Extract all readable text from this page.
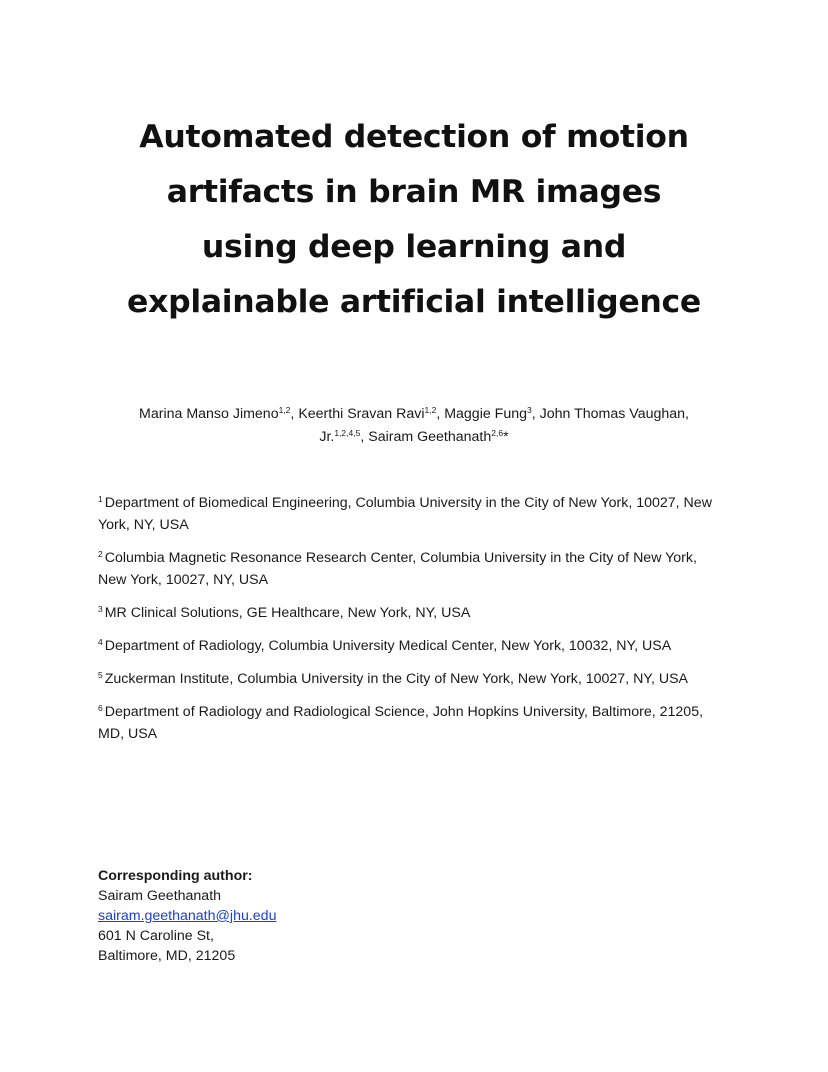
Automated detection of motion
artifacts in brain MR images
using deep learning and
explainable artificial intelligence
Marina Manso Jimeno$^{1,2}$, Keerthi Sravan Ravi$^{1,2}$, Maggie Fung$^3$, John Thomas Vaughan, Jr.$^{1,2,4,5}$, Sairam Geethanath$^{2,6}$*

$^1$ Department of Biomedical Engineering, Columbia University in the City of New York, 10027, New York, NY, USA

$^2$ Columbia Magnetic Resonance Research Center, Columbia University in the City of New York, New York, 10027, NY, USA

$^3$ MR Clinical Solutions, GE Healthcare, New York, NY, USA

$^4$ Department of Radiology, Columbia University Medical Center, New York, 10032, NY, USA

$^5$ Zuckerman Institute, Columbia University in the City of New York, New York, 10027, NY, USA

$^6$ Department of Radiology and Radiological Science, John Hopkins University, Baltimore, 21205, MD, USA

Corresponding author:
Sairam Geethanath
sairam.geethanath@jhu.edu
601 N Caroline St,
Baltimore, MD, 21205
